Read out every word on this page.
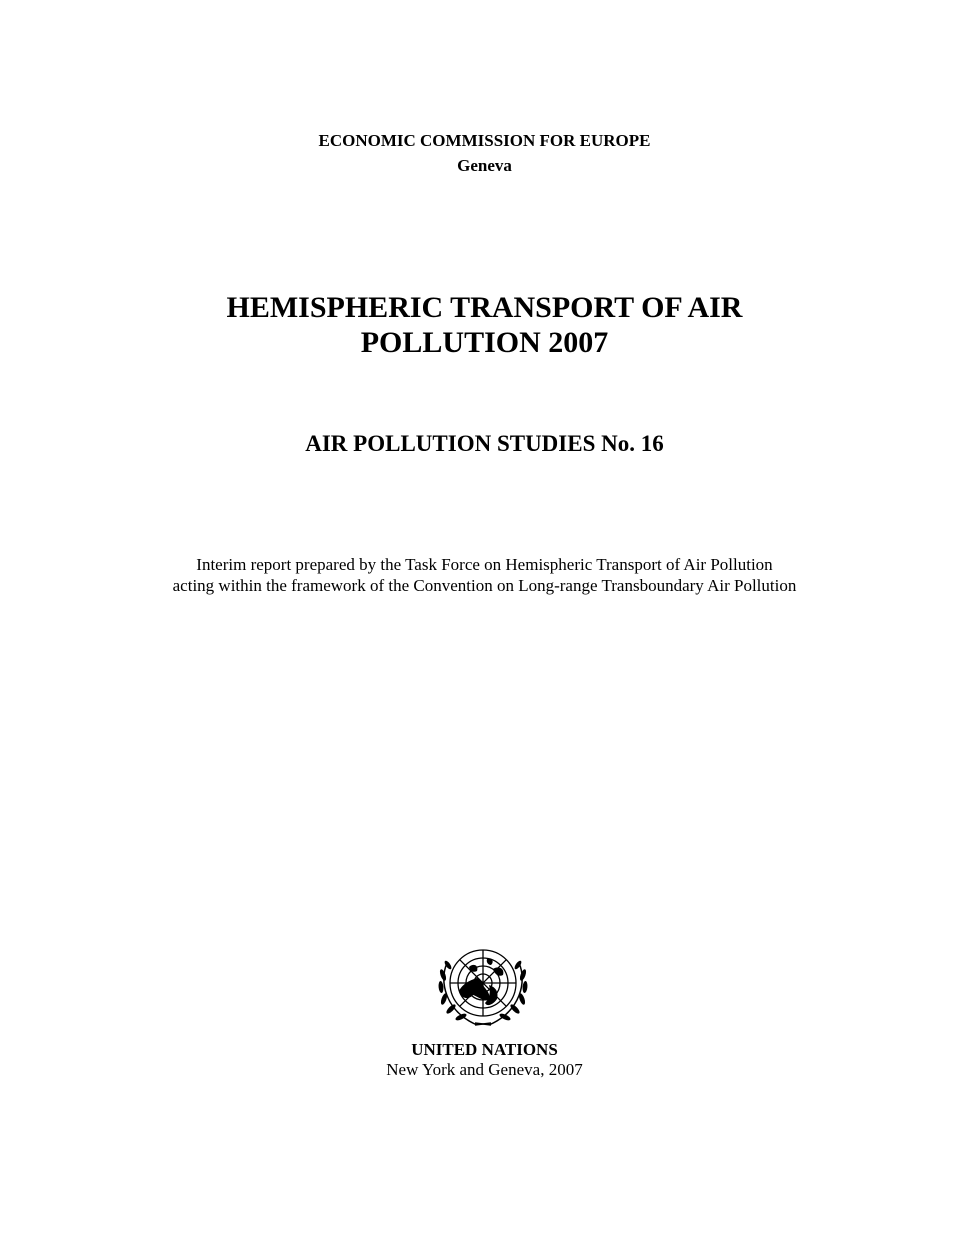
ECONOMIC COMMISSION FOR EUROPE

Geneva

HEMISPHERIC TRANSPORT OF AIR
POLLUTION 2007

AIR POLLUTION STUDIES No. 16

Interim report prepared by the Task Force on Hemispheric Transport of Air Pollution
acting within the framework of the Convention on Long-range Transboundary Air Pollution

UNITED NATIONS

New York and Geneva, 2007
